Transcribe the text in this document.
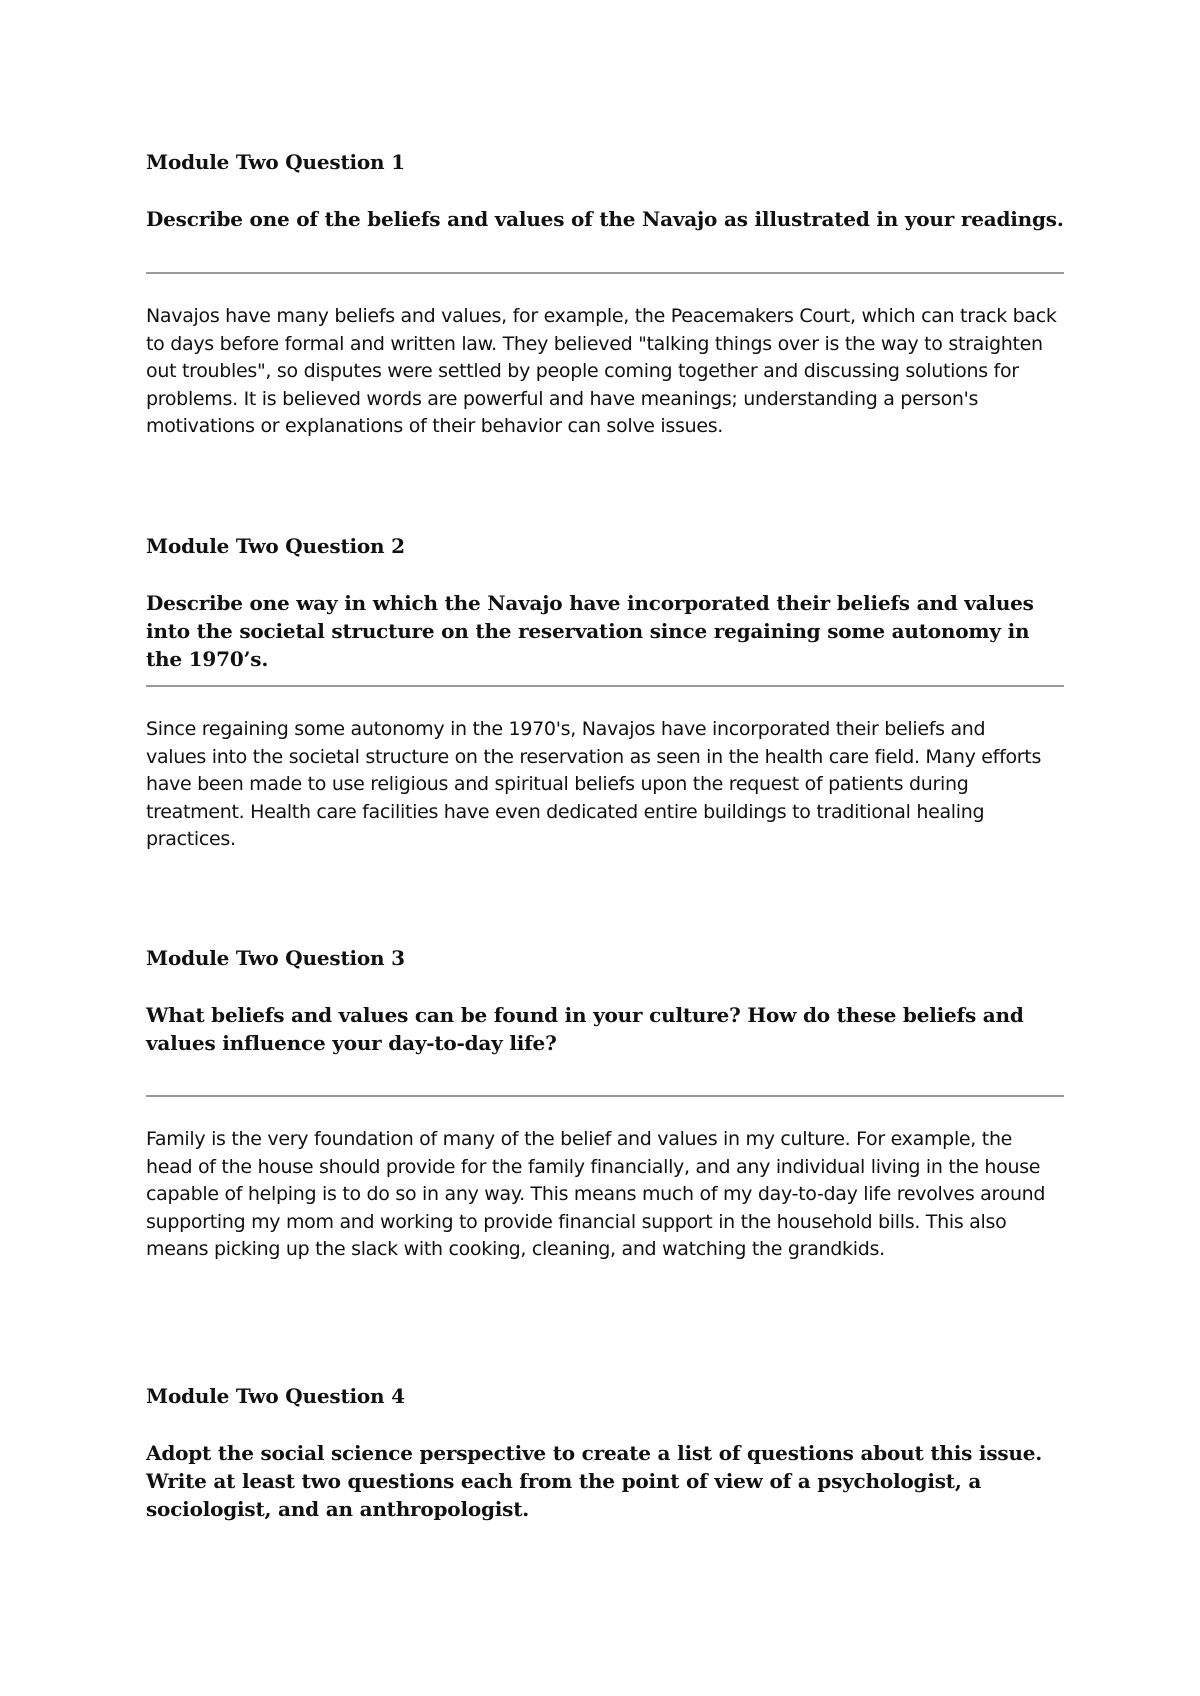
Module Two Question 1

Describe one of the beliefs and values of the Navajo as illustrated in your readings.

Navajos have many beliefs and values, for example, the Peacemakers Court, which can track back to days before formal and written law. They believed "talking things over is the way to straighten out troubles", so disputes were settled by people coming together and discussing solutions for problems. It is believed words are powerful and have meanings; understanding a person's motivations or explanations of their behavior can solve issues.

Module Two Question 2

Describe one way in which the Navajo have incorporated their beliefs and values into the societal structure on the reservation since regaining some autonomy in the 1970’s.

Since regaining some autonomy in the 1970's, Navajos have incorporated their beliefs and values into the societal structure on the reservation as seen in the health care field. Many efforts have been made to use religious and spiritual beliefs upon the request of patients during treatment. Health care facilities have even dedicated entire buildings to traditional healing practices.

Module Two Question 3

What beliefs and values can be found in your culture? How do these beliefs and values influence your day-to-day life?

Family is the very foundation of many of the belief and values in my culture. For example, the head of the house should provide for the family financially, and any individual living in the house capable of helping is to do so in any way. This means much of my day-to-day life revolves around supporting my mom and working to provide financial support in the household bills. This also means picking up the slack with cooking, cleaning, and watching the grandkids.

Module Two Question 4

Adopt the social science perspective to create a list of questions about this issue. Write at least two questions each from the point of view of a psychologist, a sociologist, and an anthropologist.
